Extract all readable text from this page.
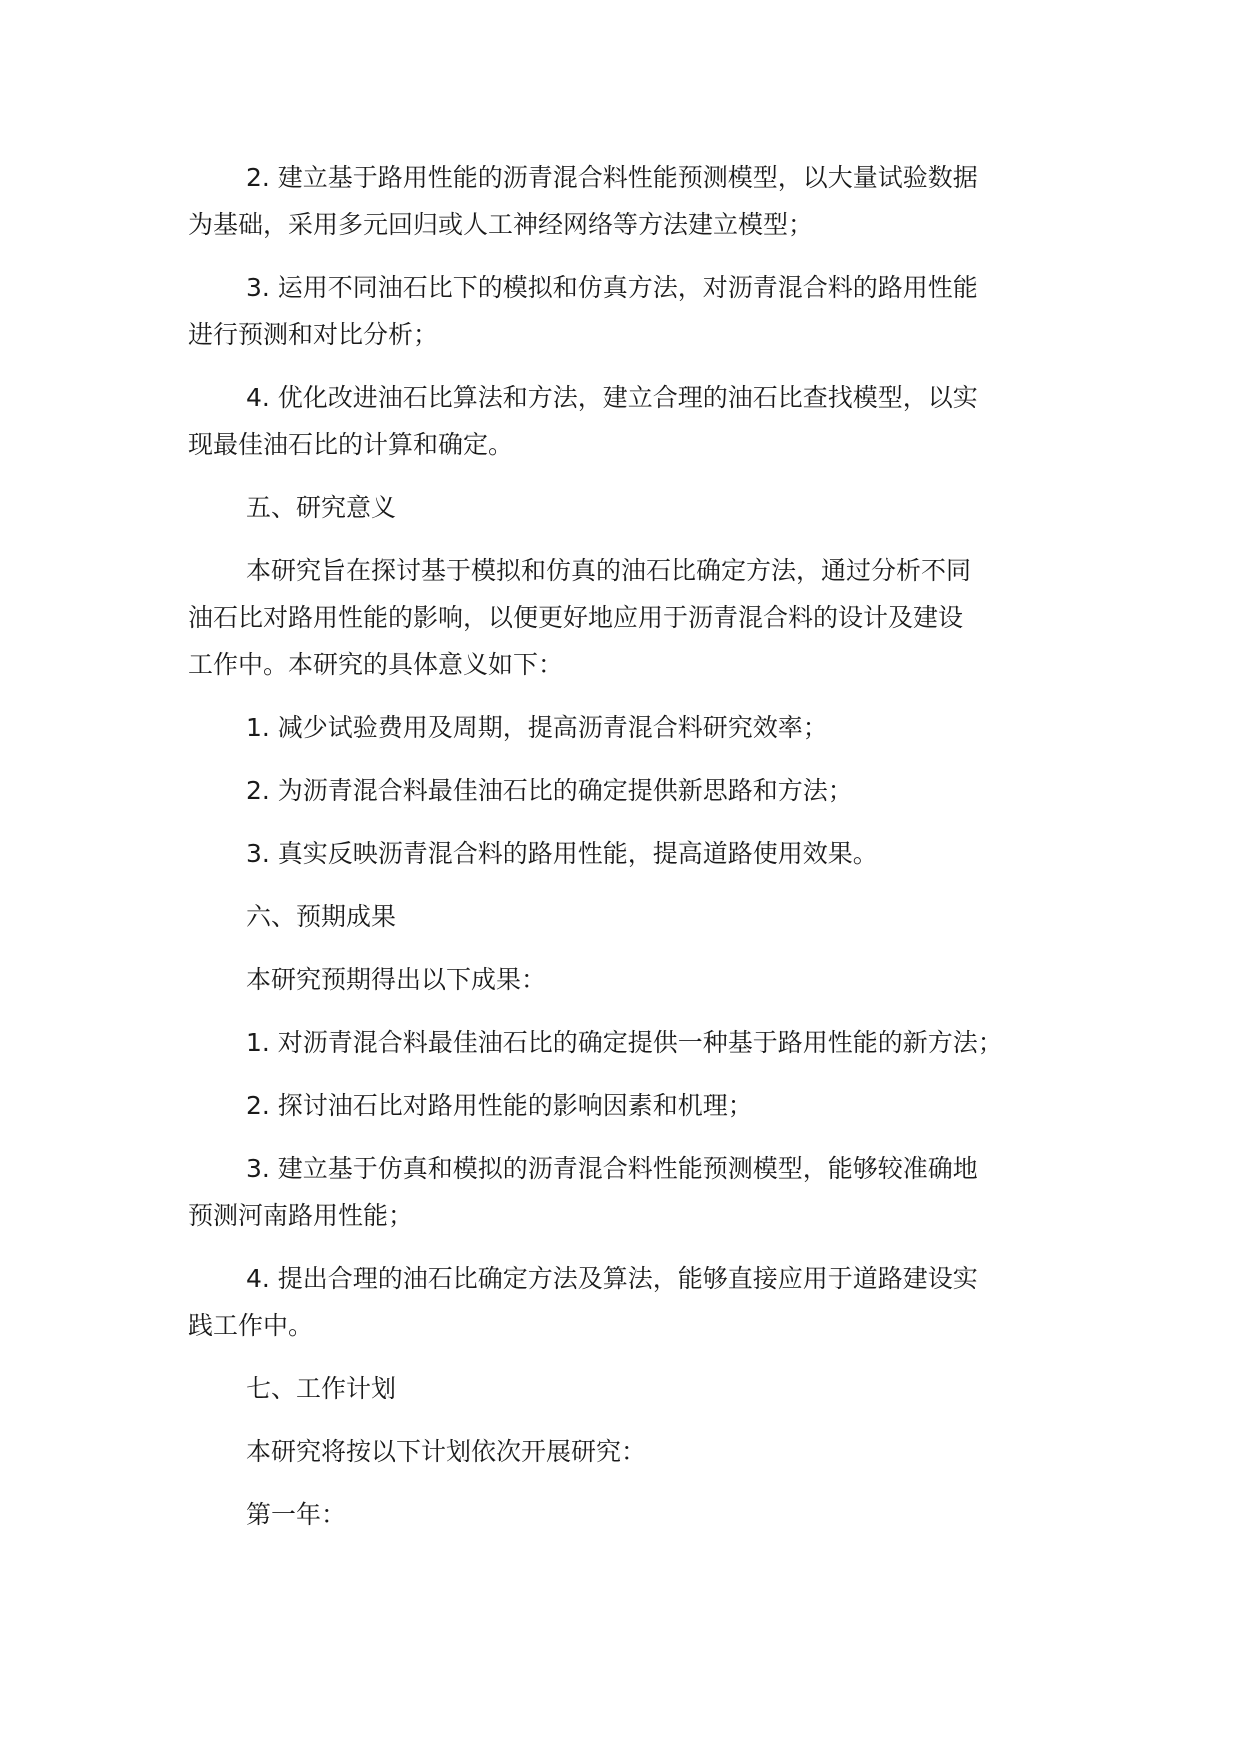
2. 建立基于路用性能的沥青混合料性能预测模型，以大量试验数据
为基础，采用多元回归或人工神经网络等方法建立模型；

3. 运用不同油石比下的模拟和仿真方法，对沥青混合料的路用性能
进行预测和对比分析；

4. 优化改进油石比算法和方法，建立合理的油石比查找模型，以实
现最佳油石比的计算和确定。

五、研究意义

本研究旨在探讨基于模拟和仿真的油石比确定方法，通过分析不同
油石比对路用性能的影响，以便更好地应用于沥青混合料的设计及建设
工作中。本研究的具体意义如下：

1. 减少试验费用及周期，提高沥青混合料研究效率；

2. 为沥青混合料最佳油石比的确定提供新思路和方法；

3. 真实反映沥青混合料的路用性能，提高道路使用效果。

六、预期成果

本研究预期得出以下成果：

1. 对沥青混合料最佳油石比的确定提供一种基于路用性能的新方法；

2. 探讨油石比对路用性能的影响因素和机理；

3. 建立基于仿真和模拟的沥青混合料性能预测模型，能够较准确地
预测河南路用性能；

4. 提出合理的油石比确定方法及算法，能够直接应用于道路建设实
践工作中。

七、工作计划

本研究将按以下计划依次开展研究：

第一年：
